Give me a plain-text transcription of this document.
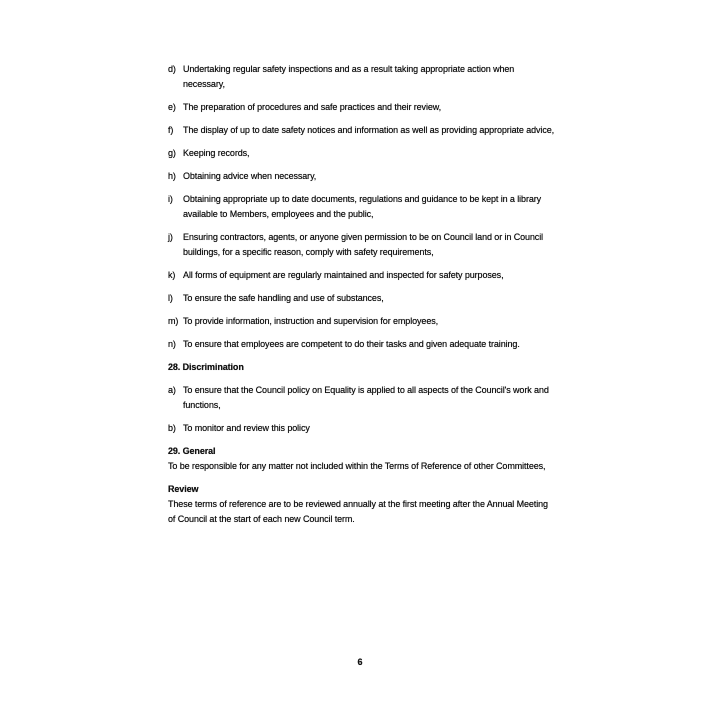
d) Undertaking regular safety inspections and as a result taking appropriate action when necessary,
e) The preparation of procedures and safe practices and their review,
f)	The display of up to date safety notices and information as well as providing appropriate advice,
g) Keeping records,
h) Obtaining advice when necessary,
i)	Obtaining appropriate up to date documents, regulations and guidance to be kept in a library available to Members, employees and the public,
j)	Ensuring contractors, agents, or anyone given permission to be on Council land or in Council buildings, for a specific reason, comply with safety requirements,
k) All forms of equipment are regularly maintained and inspected for safety purposes,
l)	To ensure the safe handling and use of substances,
m) To provide information, instruction and supervision for employees,
n) To ensure that employees are competent to do their tasks and given adequate training.
28. Discrimination
a) To ensure that the Council policy on Equality is applied to all aspects of the Council's work and functions,
b) To monitor and review this policy
29. General
To be responsible for any matter not included within the Terms of Reference of other Committees,
Review
These terms of reference are to be reviewed annually at the first meeting after the Annual Meeting of Council at the start of each new Council term.
6
